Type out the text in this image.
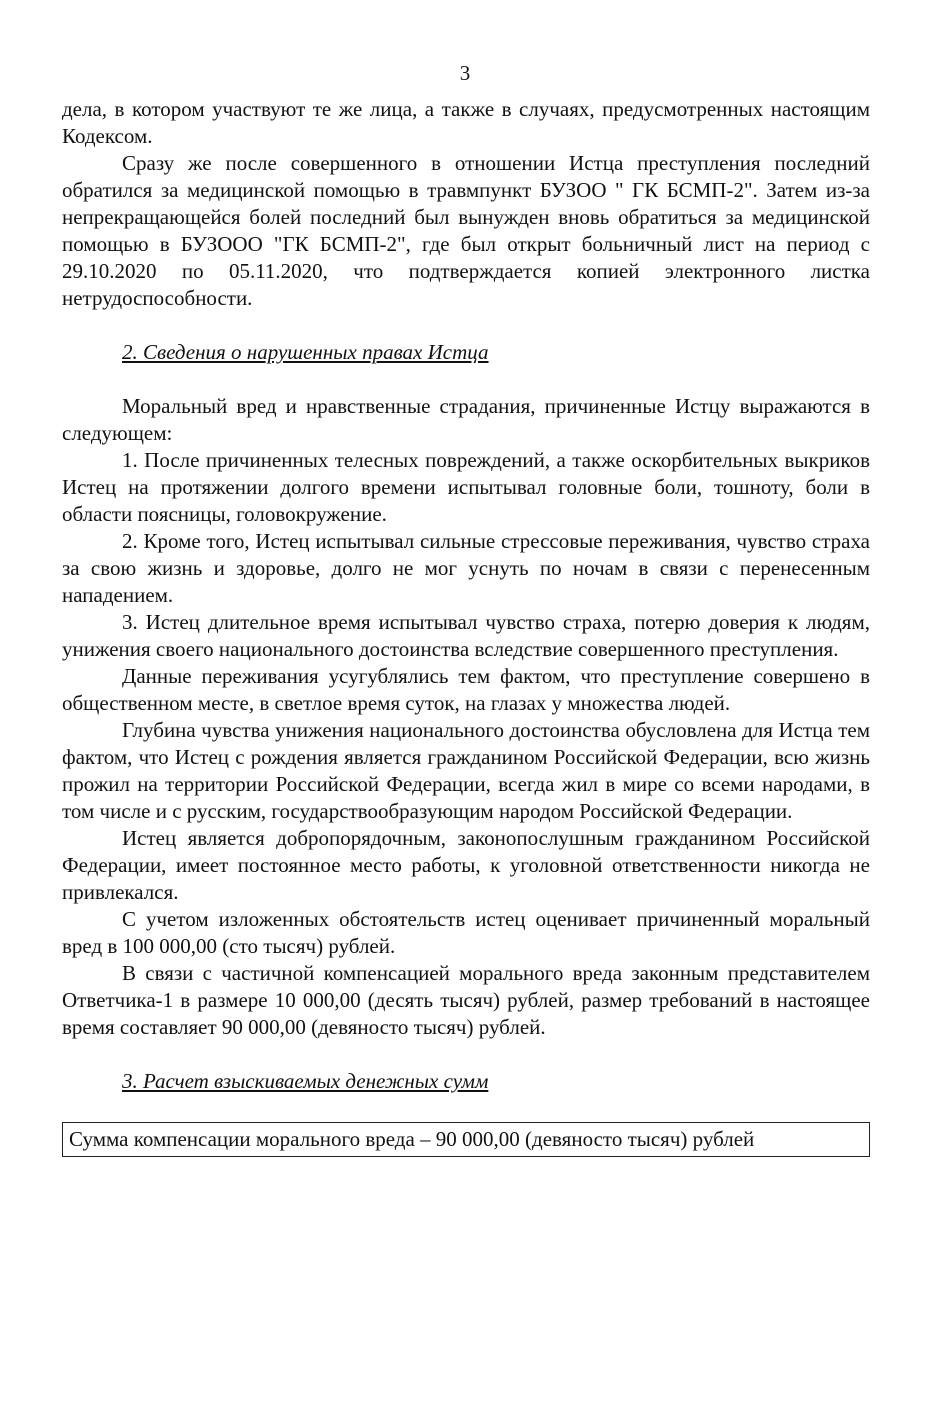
3

дела, в котором участвуют те же лица, а также в случаях, предусмотренных настоящим Кодексом.

Сразу же после совершенного в отношении Истца преступления последний обратился за медицинской помощью в травмпункт БУЗОО " ГК БСМП-2". Затем из-за непрекращающейся болей последний был вынужден вновь обратиться за медицинской помощью в БУЗООО "ГК БСМП-2", где был открыт больничный лист на период с 29.10.2020 по 05.11.2020, что подтверждается копией электронного листка нетрудоспособности.

2. Сведения о нарушенных правах Истца

Моральный вред и нравственные страдания, причиненные Истцу выражаются в следующем:

1. После причиненных телесных повреждений, а также оскорбительных выкриков Истец на протяжении долгого времени испытывал головные боли, тошноту, боли в области поясницы, головокружение.

2. Кроме того, Истец испытывал сильные стрессовые переживания, чувство страха за свою жизнь и здоровье, долго не мог уснуть по ночам в связи с перенесенным нападением.

3. Истец длительное время испытывал чувство страха, потерю доверия к людям, унижения своего национального достоинства вследствие совершенного преступления.

Данные переживания усугублялись тем фактом, что преступление совершено в общественном месте, в светлое время суток, на глазах у множества людей.

Глубина чувства унижения национального достоинства обусловлена для Истца тем фактом, что Истец с рождения является гражданином Российской Федерации, всю жизнь прожил на территории Российской Федерации, всегда жил в мире со всеми народами, в том числе и с русским, государствообразующим народом Российской Федерации.

Истец является добропорядочным, законопослушным гражданином Российской Федерации, имеет постоянное место работы, к уголовной ответственности никогда не привлекался.

С учетом изложенных обстоятельств истец оценивает причиненный моральный вред в 100 000,00 (сто тысяч) рублей.

В связи с частичной компенсацией морального вреда законным представителем Ответчика-1 в размере 10 000,00 (десять тысяч) рублей, размер требований в настоящее время составляет 90 000,00 (девяносто тысяч) рублей.

3. Расчет взыскиваемых денежных сумм

Сумма компенсации морального вреда – 90 000,00 (девяносто тысяч) рублей
